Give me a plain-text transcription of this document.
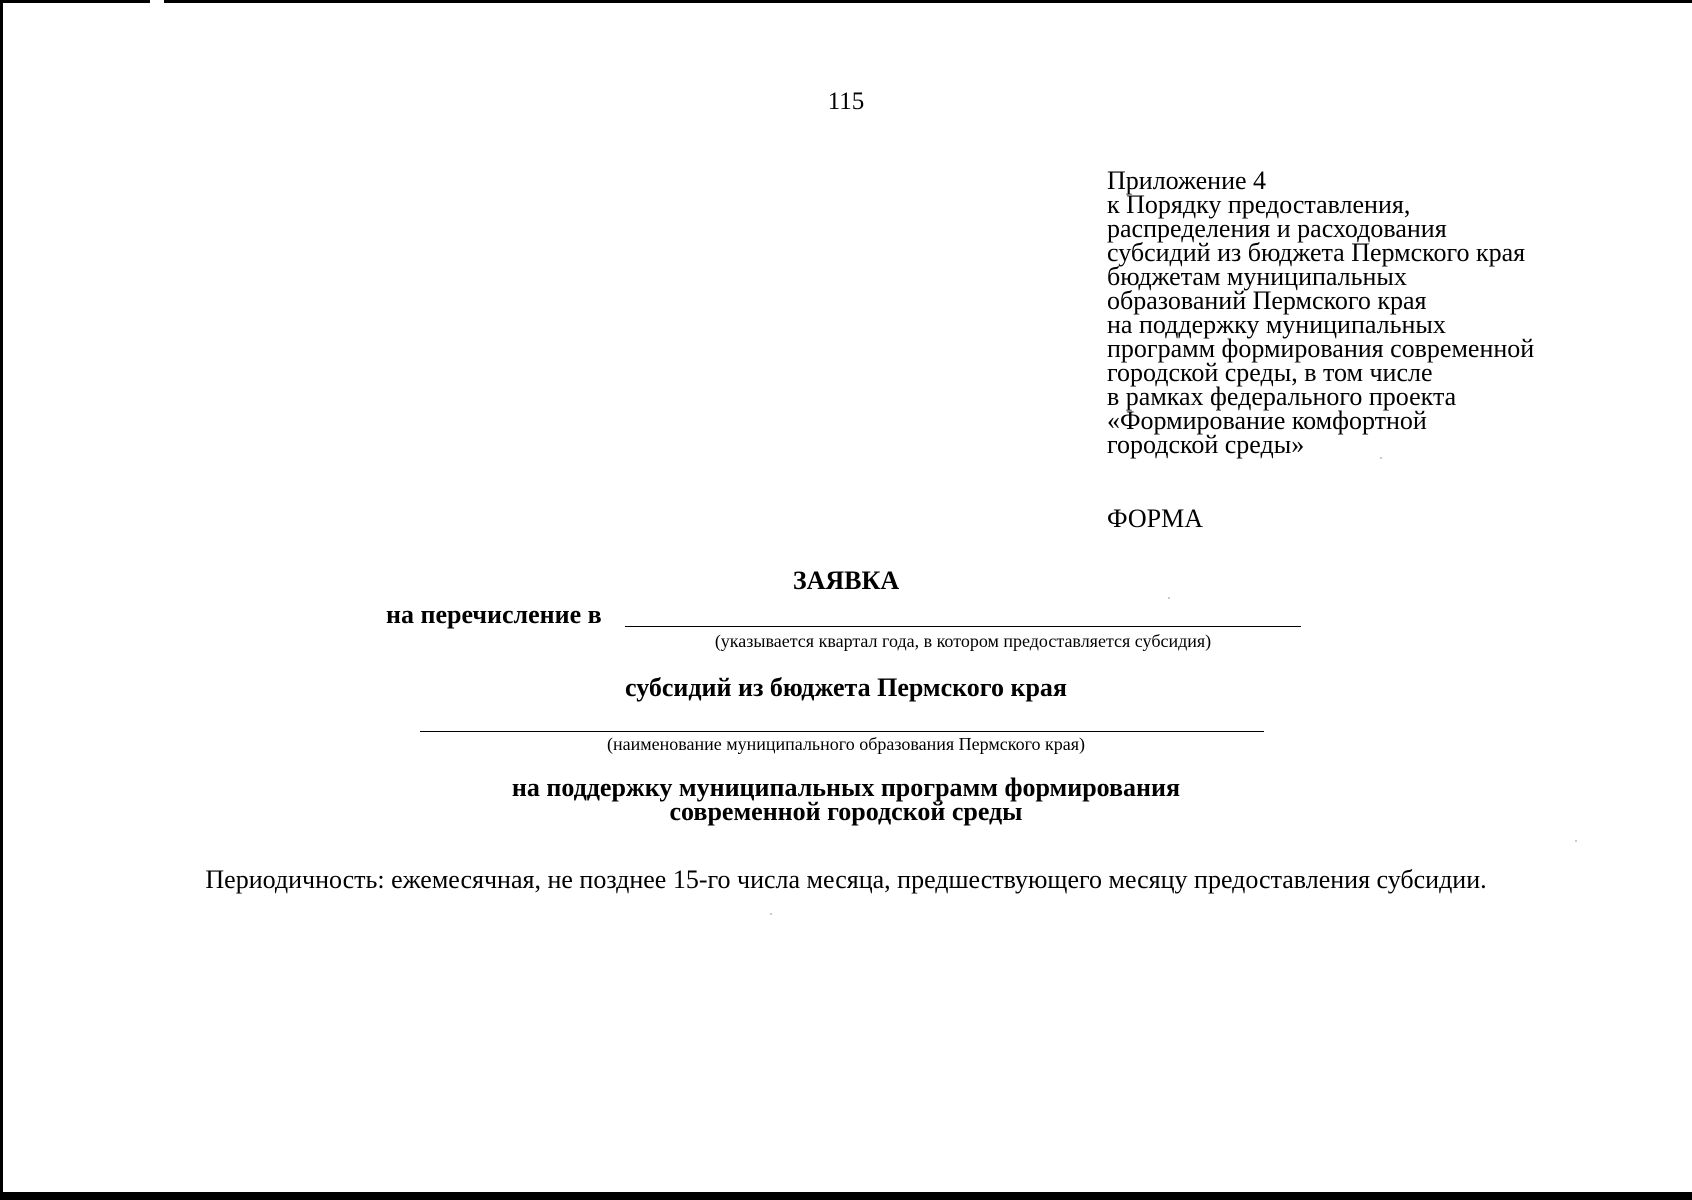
115
Приложение 4
к Порядку предоставления,
распределения и расходования
субсидий из бюджета Пермского края
бюджетам муниципальных
образований Пермского края
на поддержку муниципальных
программ формирования современной
городской среды, в том числе
в рамках федерального проекта
«Формирование комфортной
городской среды»
ФОРМА
ЗАЯВКА
на перечисление в
(указывается квартал года, в котором предоставляется субсидия)
субсидий из бюджета Пермского края
(наименование муниципального образования Пермского края)
на поддержку муниципальных программ формирования
современной городской среды
Периодичность: ежемесячная, не позднее 15-го числа месяца, предшествующего месяцу предоставления субсидии.
